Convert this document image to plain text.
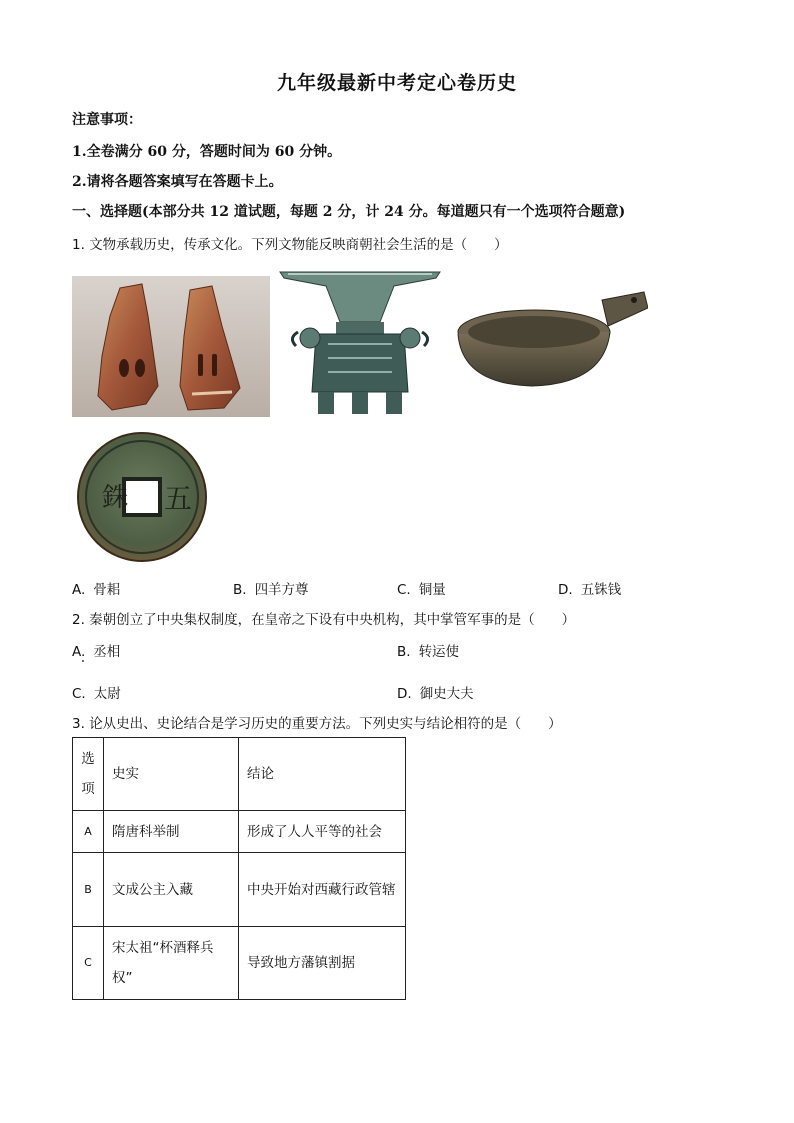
九年级最新中考定心卷历史
注意事项：
1.全卷满分 60 分，答题时间为 60 分钟。
2.请将各题答案填写在答题卡上。
一、选择题(本部分共 12 道试题，每题 2 分，计 24 分。每道题只有一个选项符合题意)
1. 文物承载历史，传承文化。下列文物能反映商朝社会生活的是（　　）
銖 五
A. 骨耜	B. 四羊方尊	C. 铜量	D. 五铢钱
2. 秦朝创立了中央集权制度，在皇帝之下设有中央机构，其中掌管军事的是（　　）
A. 丞相	B. 转运使
C. 太尉	D. 御史大夫
3. 论从史出、史论结合是学习历史的重要方法。下列史实与结论相符的是（　　）
选项	史实	结论
A	隋唐科举制	形成了人人平等的社会
B	文成公主入藏	中央开始对西藏行政管辖
C	宋太祖“杯酒释兵权”	导致地方藩镇割据
